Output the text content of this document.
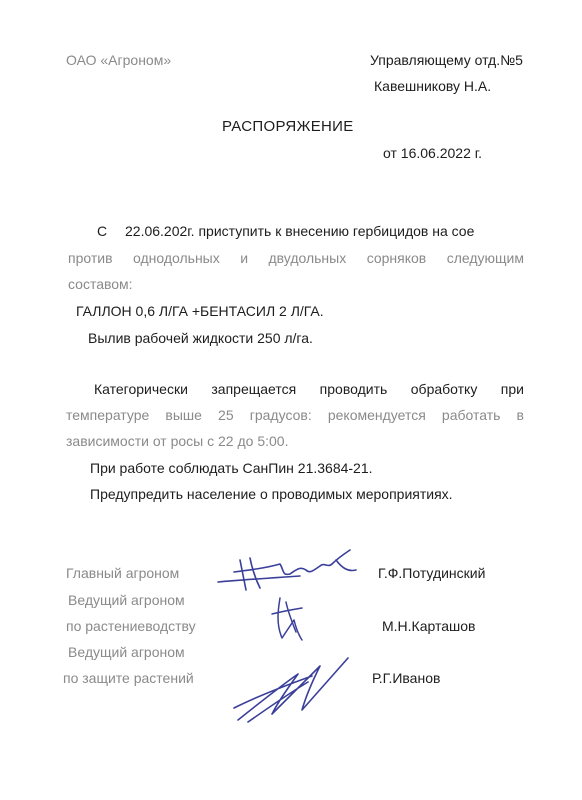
ОАО «Агроном»	Управляющему отд.№5
Кавешникову Н.А.
РАСПОРЯЖЕНИЕ
от 16.06.2022 г.
С 22.06.202г. приступить к внесению гербицидов на сое
против однодольных и двудольных сорняков следующим
составом:
ГАЛЛОН 0,6 Л/ГА +БЕНТАСИЛ 2 Л/ГА.
Вылив рабочей жидкости 250 л/га.
Категорически запрещается проводить обработку при
температуре выше 25 градусов: рекомендуется работать в
зависимости от росы с 22 до 5:00.
При работе соблюдать СанПин 21.3684-21.
Предупредить население о проводимых мероприятиях.
Главный агроном	Г.Ф.Потудинский
Ведущий агроном
по растениеводству	М.Н.Карташов
Ведущий агроном
по защите растений	Р.Г.Иванов
